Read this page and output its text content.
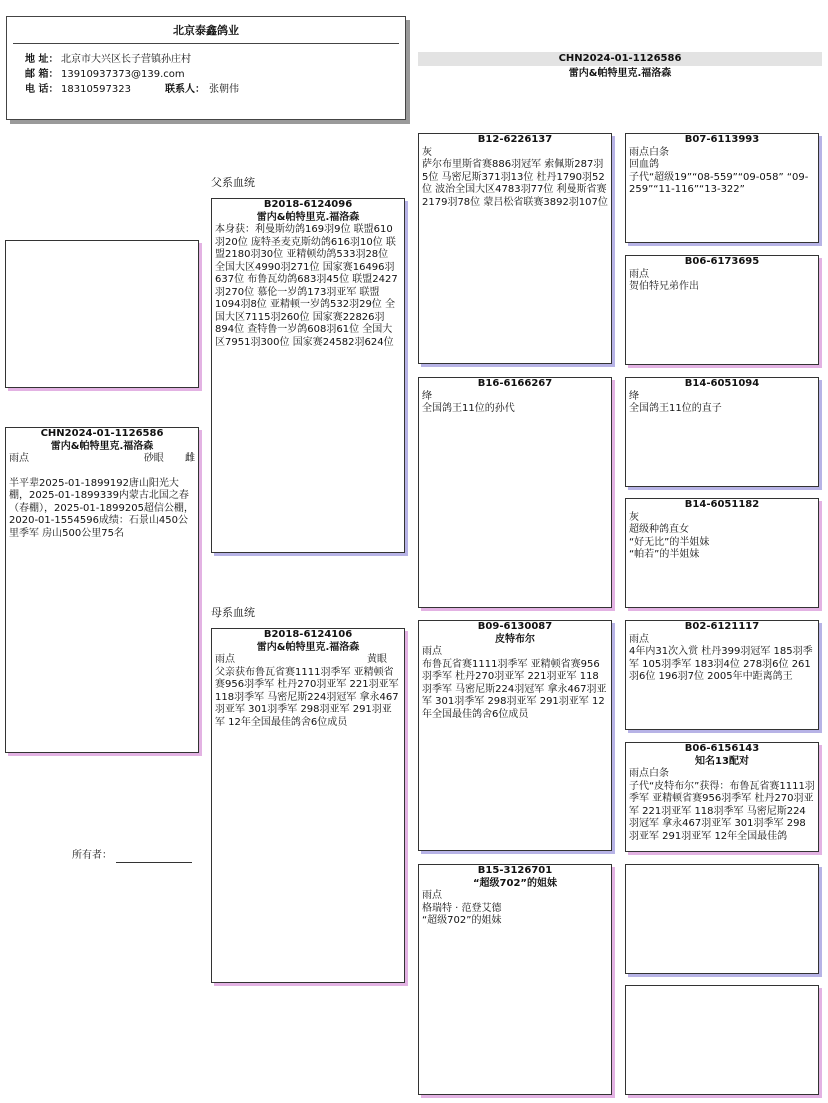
北京泰鑫鸽业
地 址： 北京市大兴区长子营镇孙庄村
邮 箱： 13910937373@139.com
电 话： 18310597323	联系人： 张朝伟
CHN2024-01-1126586
雷内&帕特里克.福洛森
CHN2024-01-1126586
雷内&帕特里克.福洛森
雨点	砂眼 雌
半平辈2025-01-1899192唐山阳光大棚，2025-01-1899339内蒙古北国之春（春棚），2025-01-1899205超信公棚，2020-01-1554596成绩：石景山450公里季军 房山500公里75名
所有者：
父系血统
母系血统
B2018-6124096
雷内&帕特里克.福洛森
本身获：利曼斯幼鸽169羽9位 联盟610羽20位 庞特圣麦克斯幼鸽616羽10位 联盟2180羽30位 亚精顿幼鸽533羽28位 全国大区4990羽271位 国家赛16496羽637位 布鲁瓦幼鸽683羽45位 联盟2427羽270位 慕伦一岁鸽173羽亚军 联盟1094羽8位 亚精顿一岁鸽532羽29位 全国大区7115羽260位 国家赛22826羽894位 查特鲁一岁鸽608羽61位 全国大区7951羽300位 国家赛24582羽624位
B2018-6124106
雷内&帕特里克.福洛森
雨点	黄眼
父亲获布鲁瓦省赛1111羽季军 亚精顿省赛956羽季军 杜丹270羽亚军 221羽亚军 118羽季军 马密尼斯224羽冠军 拿永467羽亚军 301羽季军 298羽亚军 291羽亚军 12年全国最佳鸽舍6位成员
B12-6226137
灰
萨尔布里斯省赛886羽冠军 索佩斯287羽5位 马密尼斯371羽13位 杜丹1790羽52位 波治全国大区4783羽77位 利曼斯省赛2179羽78位 蒙吕松省联赛3892羽107位
B16-6166267
绛
全国鸽王11位的孙代
B09-6130087
皮特布尔
雨点
布鲁瓦省赛1111羽季军 亚精顿省赛956羽季军 杜丹270羽亚军 221羽亚军 118羽季军 马密尼斯224羽冠军 拿永467羽亚军 301羽季军 298羽亚军 291羽亚军 12年全国最佳鸽舍6位成员
B15-3126701
“超级702”的姐妹
雨点
格瑞特 · 范登艾德
“超级702”的姐妹
B07-6113993
雨点白条
回血鸽
子代“超级19”“08-559”“09-058” “09-259”“11-116”“13-322”
B06-6173695
雨点
贺伯特兄弟作出
B14-6051094
绛
全国鸽王11位的直子
B14-6051182
灰
超级种鸽直女
“好无比”的半姐妹
“帕若”的半姐妹
B02-6121117
雨点
4年内31次入赏 杜丹399羽冠军 185羽季军 105羽季军 183羽4位 278羽6位 261羽6位 196羽7位 2005年中距离鸽王
B06-6156143
知名13配对
雨点白条
子代“皮特布尔”获得：布鲁瓦省赛1111羽季军 亚精顿省赛956羽季军 杜丹270羽亚军 221羽亚军 118羽季军 马密尼斯224羽冠军 拿永467羽亚军 301羽季军 298羽亚军 291羽亚军 12年全国最佳鸽
